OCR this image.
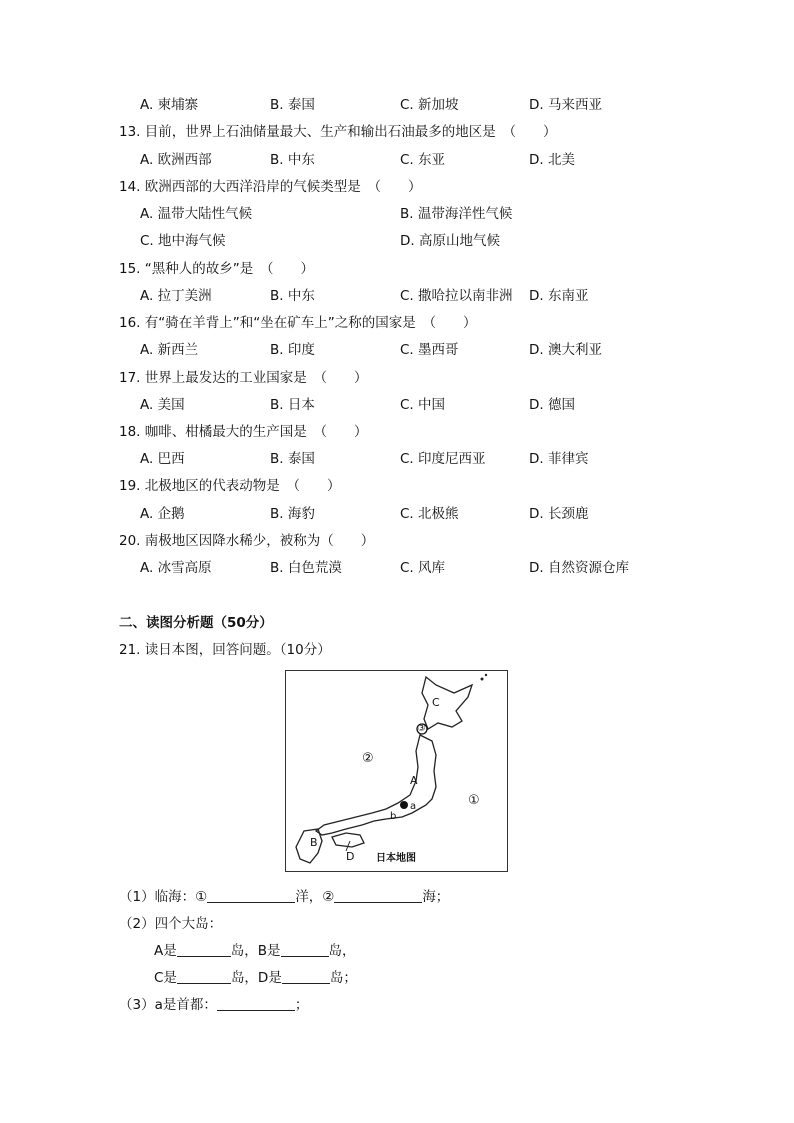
A. 柬埔寨	B. 泰国	C. 新加坡	D. 马来西亚
13. 目前，世界上石油储量最大、生产和输出石油最多的地区是　（　　）
A. 欧洲西部	B. 中东	C. 东亚	D. 北美
14. 欧洲西部的大西洋沿岸的气候类型是　（　　）
A. 温带大陆性气候	B. 温带海洋性气候
C. 地中海气候	D. 高原山地气候
15. “黑种人的故乡”是　（　　）
A. 拉丁美洲	B. 中东	C. 撒哈拉以南非洲 D. 东南亚
16. 有“骑在羊背上”和“坐在矿车上”之称的国家是　（　　）
A. 新西兰	B. 印度	C. 墨西哥	D. 澳大利亚
17. 世界上最发达的工业国家是　（　　）
A. 美国	B. 日本	C. 中国	D. 德国
18. 咖啡、柑橘最大的生产国是　（　　）
A. 巴西	B. 泰国	C. 印度尼西亚	D. 菲律宾
19. 北极地区的代表动物是　（　　）
A. 企鹅	B. 海豹	C. 北极熊	D. 长颈鹿
20. 南极地区因降水稀少，被称为（　　）
A. 冰雪高原	B. 白色荒漠	C. 风库	D. 自然资源仓库
二、读图分析题（50分）
21. 读日本图，回答问题。（10分）
C
A
B
D
①
②
③
a
b
日本地图
（1）临海：①	洋，②	海；
（2）四个大岛：
A是	岛，B是	岛，
C是	岛，D是	岛；
（3）a是首都：	；
